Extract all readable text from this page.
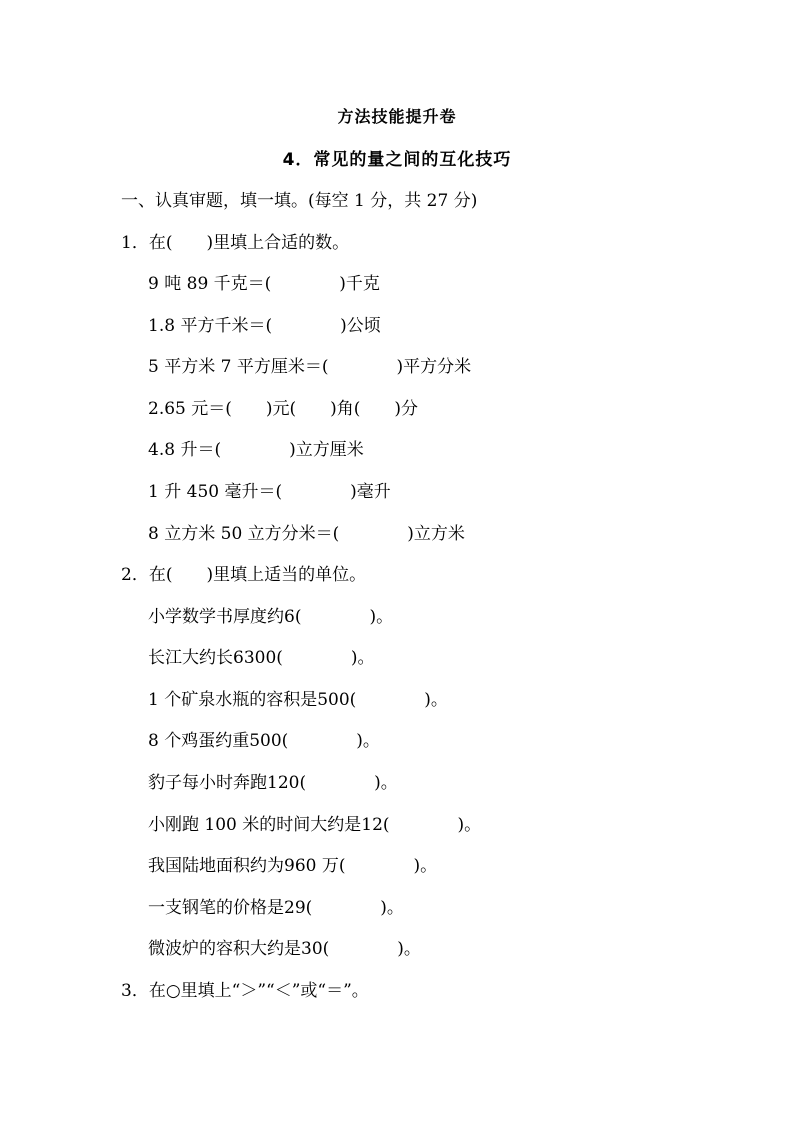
方法技能提升卷
4．常见的量之间的互化技巧
一、认真审题，填一填。(每空 1 分，共 27 分)
1．在(　　)里填上合适的数。
9 吨 89 千克＝(　　　　)千克
1.8 平方千米＝(　　　　)公顷
5 平方米 7 平方厘米＝(　　　　)平方分米
2.65 元＝(　　)元(　　)角(　　)分
4.8 升＝(　　　　)立方厘米
1 升 450 毫升＝(　　　　)毫升
8 立方米 50 立方分米＝(　　　　)立方米
2．在(　　)里填上适当的单位。
小学数学书厚度约6(　　　　)。
长江大约长6300(　　　　)。
1 个矿泉水瓶的容积是500(　　　　)。
8 个鸡蛋约重500(　　　　)。
豹子每小时奔跑120(　　　　)。
小刚跑 100 米的时间大约是12(　　　　)。
我国陆地面积约为960 万(　　　　)。
一支钢笔的价格是29(　　　　)。
微波炉的容积大约是30(　　　　)。
3．在○里填上“＞”“＜”或“＝”。
